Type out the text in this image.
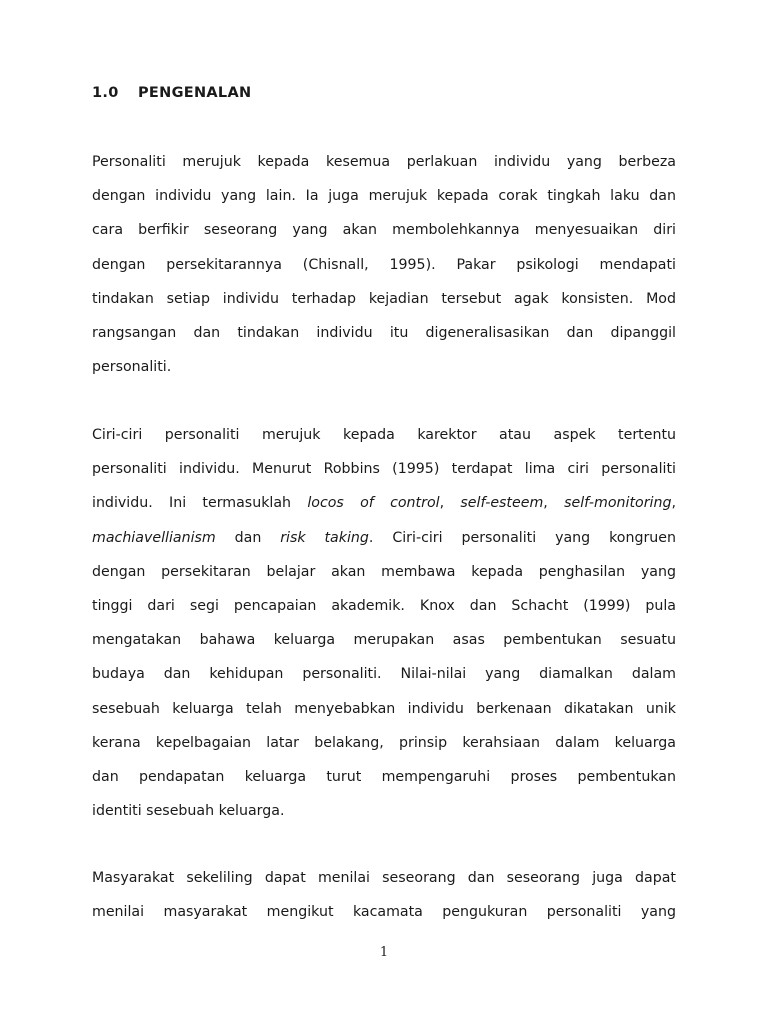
1.0 PENGENALAN

Personaliti merujuk kepada kesemua perlakuan individu yang berbeza
dengan individu yang lain. Ia juga merujuk kepada corak tingkah laku dan
cara berfikir seseorang yang akan membolehkannya menyesuaikan diri
dengan persekitarannya (Chisnall, 1995). Pakar psikologi mendapati
tindakan setiap individu terhadap kejadian tersebut agak konsisten. Mod
rangsangan dan tindakan individu itu digeneralisasikan dan dipanggil
personaliti.

Ciri-ciri personaliti merujuk kepada karektor atau aspek tertentu
personaliti individu. Menurut Robbins (1995) terdapat lima ciri personaliti
individu. Ini termasuklah locos of control, self-esteem, self-monitoring,
machiavellianism dan risk taking. Ciri-ciri personaliti yang kongruen
dengan persekitaran belajar akan membawa kepada penghasilan yang
tinggi dari segi pencapaian akademik. Knox dan Schacht (1999) pula
mengatakan bahawa keluarga merupakan asas pembentukan sesuatu
budaya dan kehidupan personaliti. Nilai-nilai yang diamalkan dalam
sesebuah keluarga telah menyebabkan individu berkenaan dikatakan unik
kerana kepelbagaian latar belakang, prinsip kerahsiaan dalam keluarga
dan pendapatan keluarga turut mempengaruhi proses pembentukan
identiti sesebuah keluarga.

Masyarakat sekeliling dapat menilai seseorang dan seseorang juga dapat
menilai masyarakat mengikut kacamata pengukuran personaliti yang

1
